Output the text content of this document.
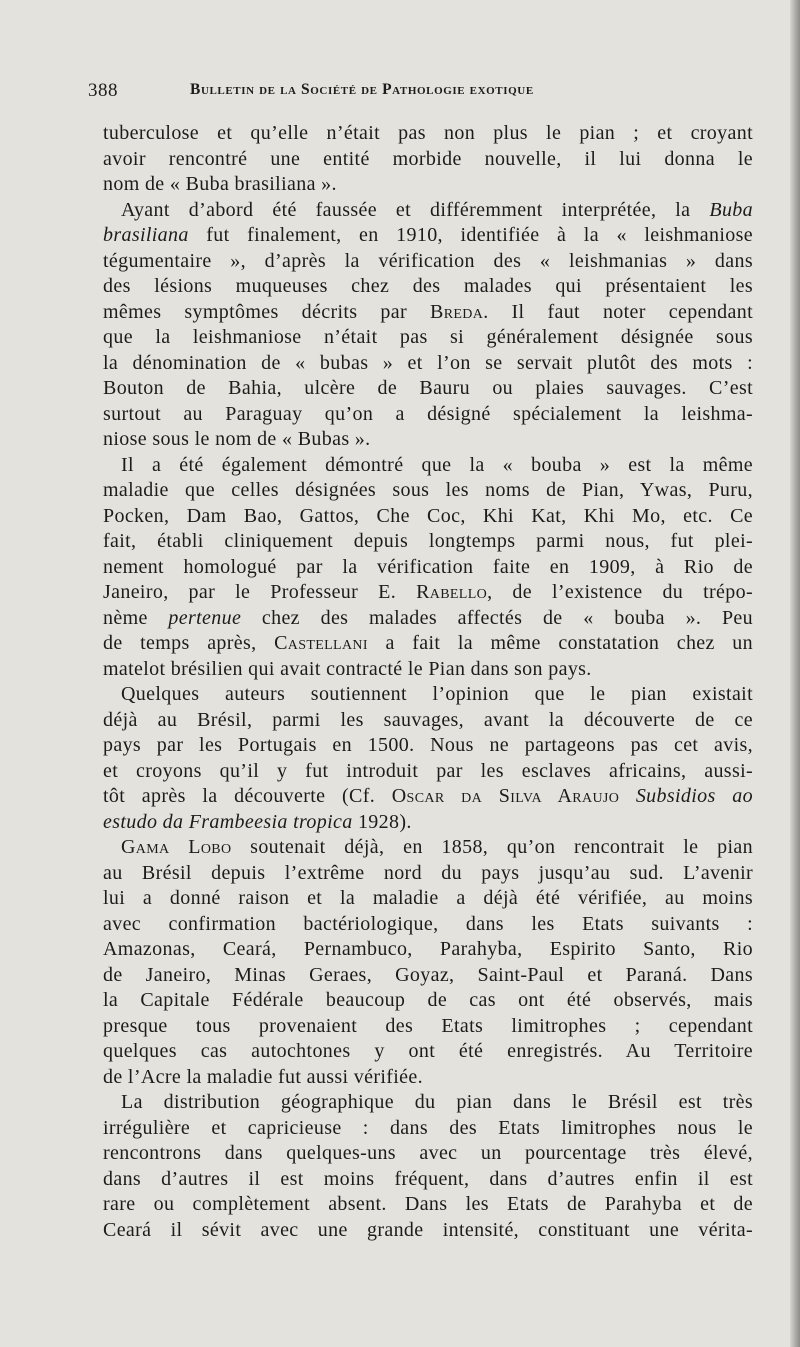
388	Bulletin de la Société de Pathologie exotique
tuberculose et qu’elle n’était pas non plus le pian ; et croyant
avoir rencontré une entité morbide nouvelle, il lui donna le
nom de « Buba brasiliana ».
Ayant d’abord été faussée et différemment interprétée, la Buba
brasiliana fut finalement, en 1910, identifiée à la « leishmaniose
tégumentaire », d’après la vérification des « leishmanias » dans
des lésions muqueuses chez des malades qui présentaient les
mêmes symptômes décrits par Breda. Il faut noter cependant
que la leishmaniose n’était pas si généralement désignée sous
la dénomination de « bubas » et l’on se servait plutôt des mots :
Bouton de Bahia, ulcère de Bauru ou plaies sauvages. C’est
surtout au Paraguay qu’on a désigné spécialement la leishma-
niose sous le nom de « Bubas ».
Il a été également démontré que la « bouba » est la même
maladie que celles désignées sous les noms de Pian, Ywas, Puru,
Pocken, Dam Bao, Gattos, Che Coc, Khi Kat, Khi Mo, etc. Ce
fait, établi cliniquement depuis longtemps parmi nous, fut plei-
nement homologué par la vérification faite en 1909, à Rio de
Janeiro, par le Professeur E. Rabello, de l’existence du trépo-
nème pertenue chez des malades affectés de « bouba ». Peu
de temps après, Castellani a fait la même constatation chez un
matelot brésilien qui avait contracté le Pian dans son pays.
Quelques auteurs soutiennent l’opinion que le pian existait
déjà au Brésil, parmi les sauvages, avant la découverte de ce
pays par les Portugais en 1500. Nous ne partageons pas cet avis,
et croyons qu’il y fut introduit par les esclaves africains, aussi-
tôt après la découverte (Cf. Oscar da Silva Araujo Subsidios ao
estudo da Frambeesia tropica 1928).
Gama Lobo soutenait déjà, en 1858, qu’on rencontrait le pian
au Brésil depuis l’extrême nord du pays jusqu’au sud. L’avenir
lui a donné raison et la maladie a déjà été vérifiée, au moins
avec confirmation bactériologique, dans les Etats suivants :
Amazonas, Ceará, Pernambuco, Parahyba, Espirito Santo, Rio
de Janeiro, Minas Geraes, Goyaz, Saint-Paul et Paraná. Dans
la Capitale Fédérale beaucoup de cas ont été observés, mais
presque tous provenaient des Etats limitrophes ; cependant
quelques cas autochtones y ont été enregistrés. Au Territoire
de l’Acre la maladie fut aussi vérifiée.
La distribution géographique du pian dans le Brésil est très
irrégulière et capricieuse : dans des Etats limitrophes nous le
rencontrons dans quelques-uns avec un pourcentage très élevé,
dans d’autres il est moins fréquent, dans d’autres enfin il est
rare ou complètement absent. Dans les Etats de Parahyba et de
Ceará il sévit avec une grande intensité, constituant une vérita-
